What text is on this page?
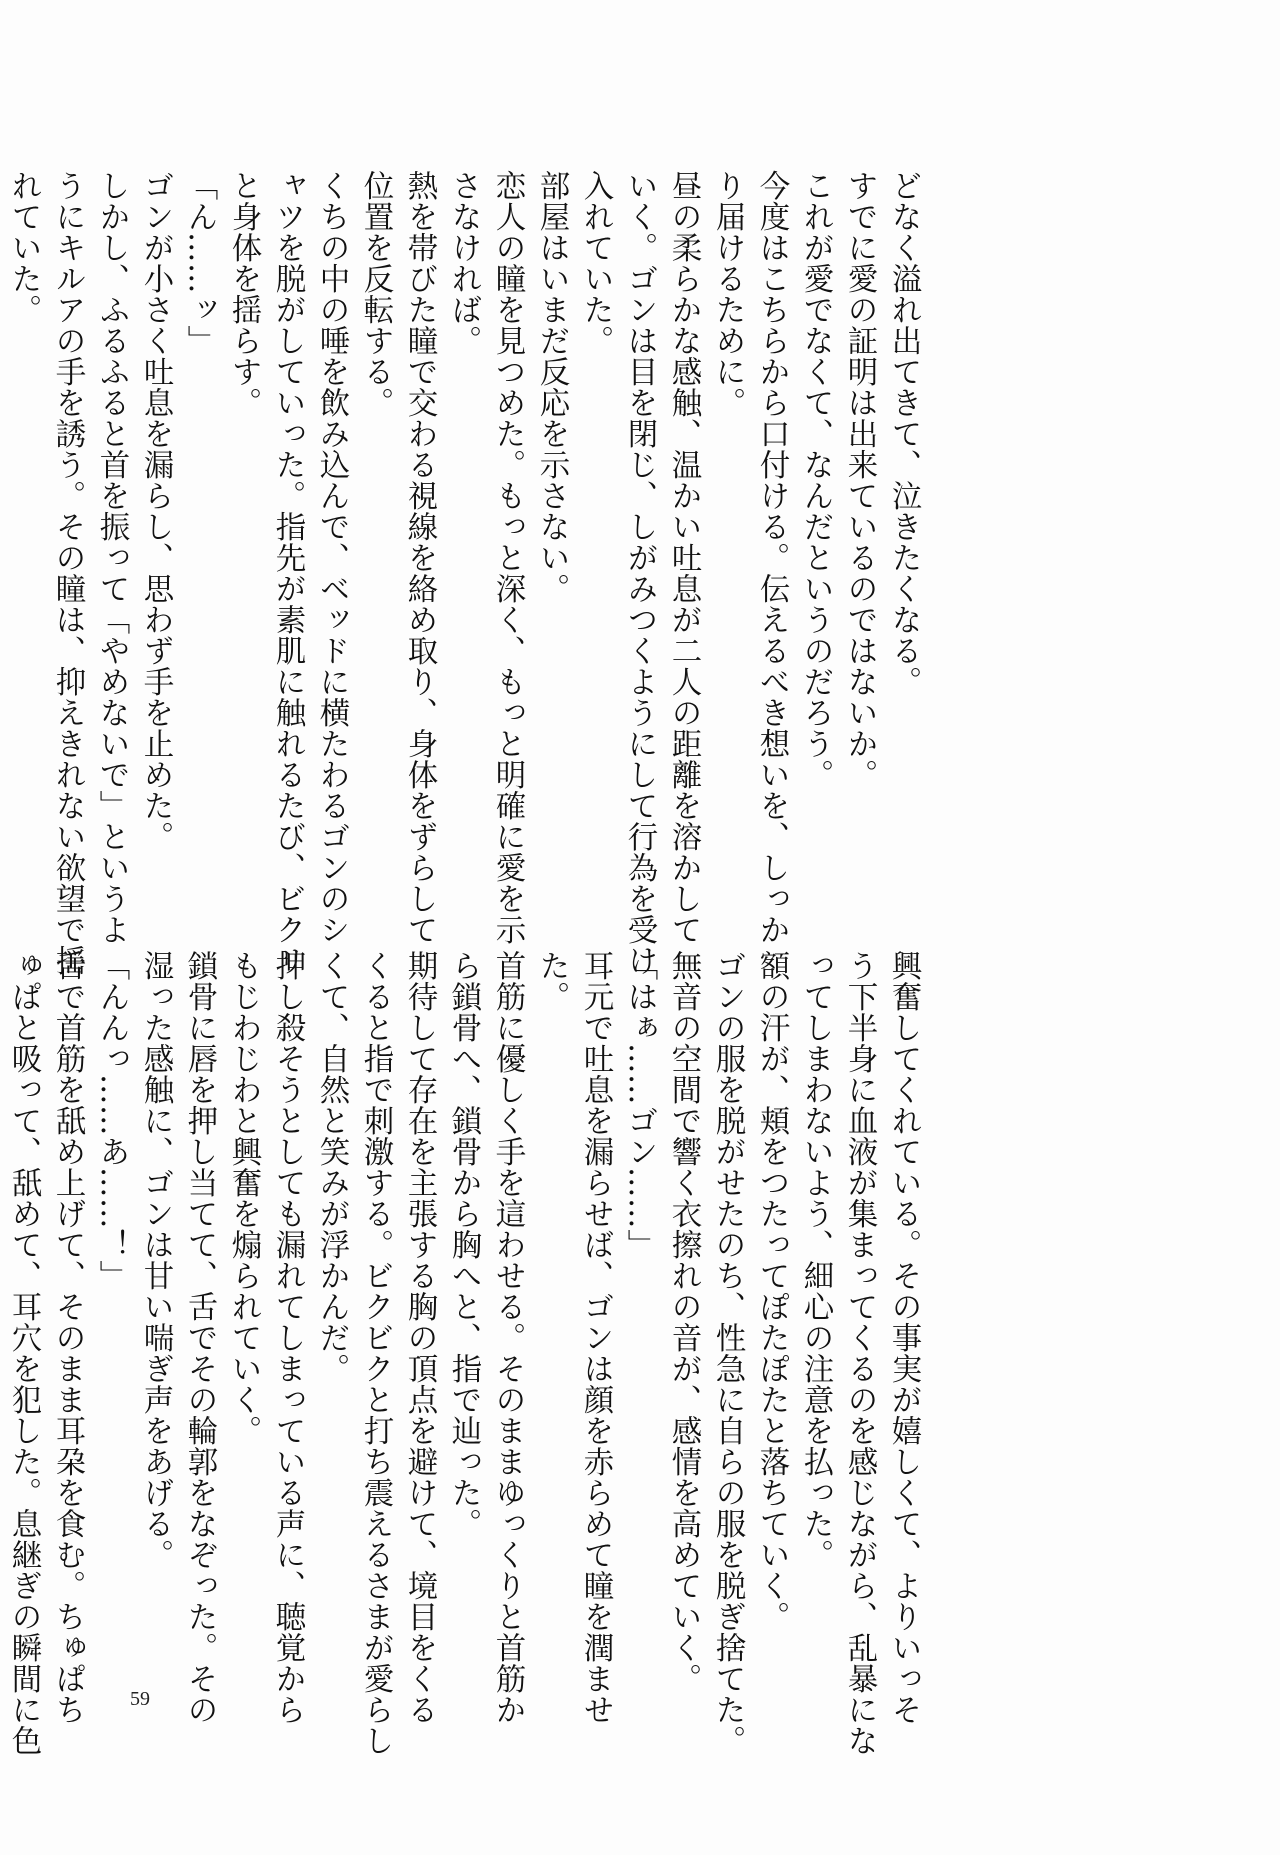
どなく溢れ出てきて、泣きたくなる。
すでに愛の証明は出来ているのではないか。
これが愛でなくて、なんだというのだろう。
今度はこちらから口付ける。伝えるべき想いを、しっか
り届けるために。
昼の柔らかな感触、温かい吐息が二人の距離を溶かして
いく。ゴンは目を閉じ、しがみつくようにして行為を受け
入れていた。
部屋はいまだ反応を示さない。
恋人の瞳を見つめた。もっと深く、もっと明確に愛を示
さなければ。
熱を帯びた瞳で交わる視線を絡め取り、身体をずらして
位置を反転する。
くちの中の唾を飲み込んで、ベッドに横たわるゴンのシ
ャツを脱がしていった。指先が素肌に触れるたび、ビクリ
と身体を揺らす。
「ん……ッ」
ゴンが小さく吐息を漏らし、思わず手を止めた。
しかし、ふるふると首を振って「やめないで」というよ
うにキルアの手を誘う。その瞳は、抑えきれない欲望で揺
れていた。
興奮してくれている。その事実が嬉しくて、よりいっそ
う下半身に血液が集まってくるのを感じながら、乱暴にな
ってしまわないよう、細心の注意を払った。
額の汗が、頬をつたってぽたぽたと落ちていく。
ゴンの服を脱がせたのち、性急に自らの服を脱ぎ捨てた。
無音の空間で響く衣擦れの音が、感情を高めていく。
「はぁ……ゴン……」
耳元で吐息を漏らせば、ゴンは顔を赤らめて瞳を潤ませ
た。
首筋に優しく手を這わせる。そのままゆっくりと首筋か
ら鎖骨へ、鎖骨から胸へと、指で辿った。
期待して存在を主張する胸の頂点を避けて、境目をくる
くると指で刺激する。ビクビクと打ち震えるさまが愛らし
くて、自然と笑みが浮かんだ。
押し殺そうとしても漏れてしまっている声に、聴覚から
もじわじわと興奮を煽られていく。
鎖骨に唇を押し当てて、舌でその輪郭をなぞった。その
湿った感触に、ゴンは甘い喘ぎ声をあげる。
「んんっ……あ……！」
舌で首筋を舐め上げて、そのまま耳朶を食む。ちゅぱち
ゅぱと吸って、舐めて、耳穴を犯した。息継ぎの瞬間に色	59
